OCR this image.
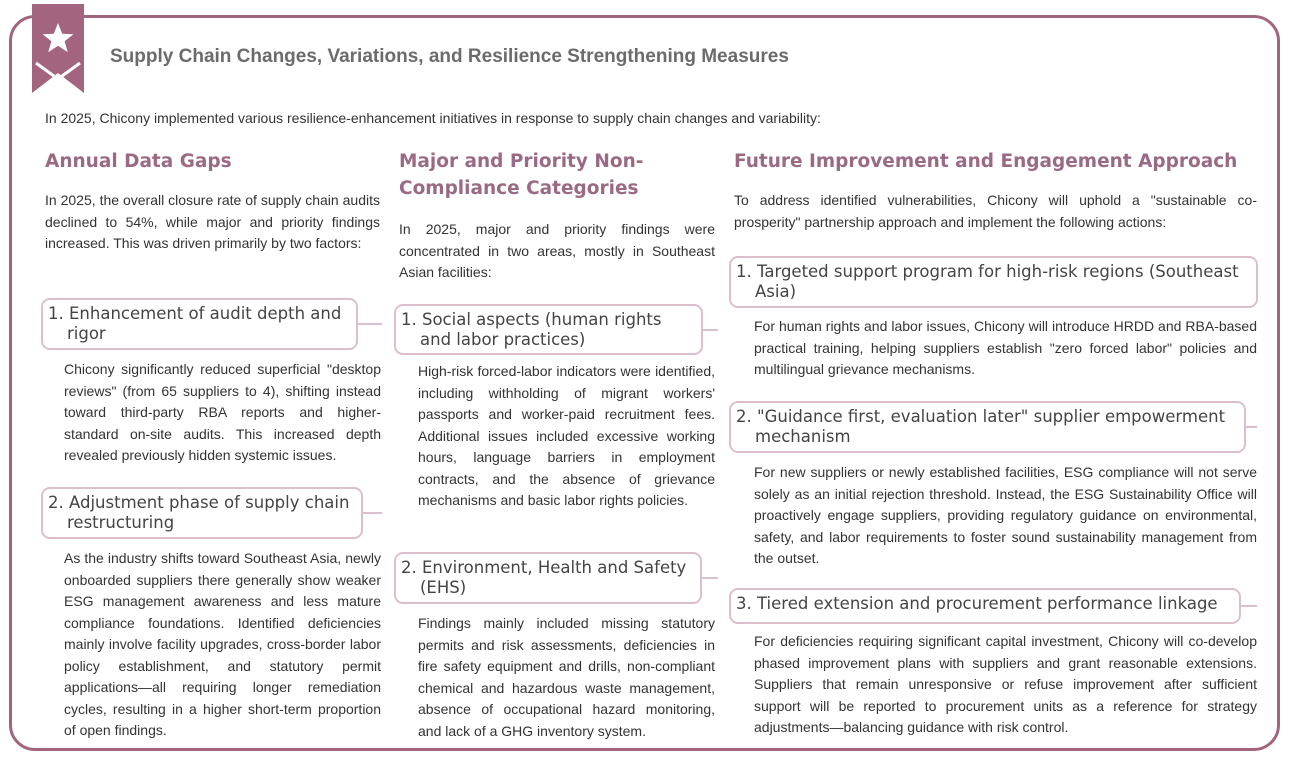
Supply Chain Changes, Variations, and Resilience Strengthening Measures
In 2025, Chicony implemented various resilience-enhancement initiatives in response to supply chain changes and variability:
Annual Data Gaps

In 2025, the overall closure rate of supply chain audits declined to 54%, while major and priority findings increased. This was driven primarily by two factors:

1. Enhancement of audit depth and rigor

Chicony significantly reduced superficial "desktop reviews" (from 65 suppliers to 4), shifting instead toward third-party RBA reports and higher-standard on-site audits. This increased depth revealed previously hidden systemic issues.

2. Adjustment phase of supply chain restructuring

As the industry shifts toward Southeast Asia, newly onboarded suppliers there generally show weaker ESG management awareness and less mature compliance foundations. Identified deficiencies mainly involve facility upgrades, cross-border labor policy establishment, and statutory permit applications—all requiring longer remediation cycles, resulting in a higher short-term proportion of open findings.

Major and Priority Non-Compliance Categories

In 2025, major and priority findings were concentrated in two areas, mostly in Southeast Asian facilities:

1. Social aspects (human rights and labor practices)

High-risk forced-labor indicators were identified, including withholding of migrant workers' passports and worker-paid recruitment fees. Additional issues included excessive working hours, language barriers in employment contracts, and the absence of grievance mechanisms and basic labor rights policies.

2. Environment, Health and Safety (EHS)

Findings mainly included missing statutory permits and risk assessments, deficiencies in fire safety equipment and drills, non-compliant chemical and hazardous waste management, absence of occupational hazard monitoring, and lack of a GHG inventory system.

Future Improvement and Engagement Approach

To address identified vulnerabilities, Chicony will uphold a "sustainable co-prosperity" partnership approach and implement the following actions:

1. Targeted support program for high-risk regions (Southeast Asia)

For human rights and labor issues, Chicony will introduce HRDD and RBA-based practical training, helping suppliers establish "zero forced labor" policies and multilingual grievance mechanisms.

2. "Guidance first, evaluation later" supplier empowerment mechanism

For new suppliers or newly established facilities, ESG compliance will not serve solely as an initial rejection threshold. Instead, the ESG Sustainability Office will proactively engage suppliers, providing regulatory guidance on environmental, safety, and labor requirements to foster sound sustainability management from the outset.

3. Tiered extension and procurement performance linkage

For deficiencies requiring significant capital investment, Chicony will co-develop phased improvement plans with suppliers and grant reasonable extensions. Suppliers that remain unresponsive or refuse improvement after sufficient support will be reported to procurement units as a reference for strategy adjustments—balancing guidance with risk control.
